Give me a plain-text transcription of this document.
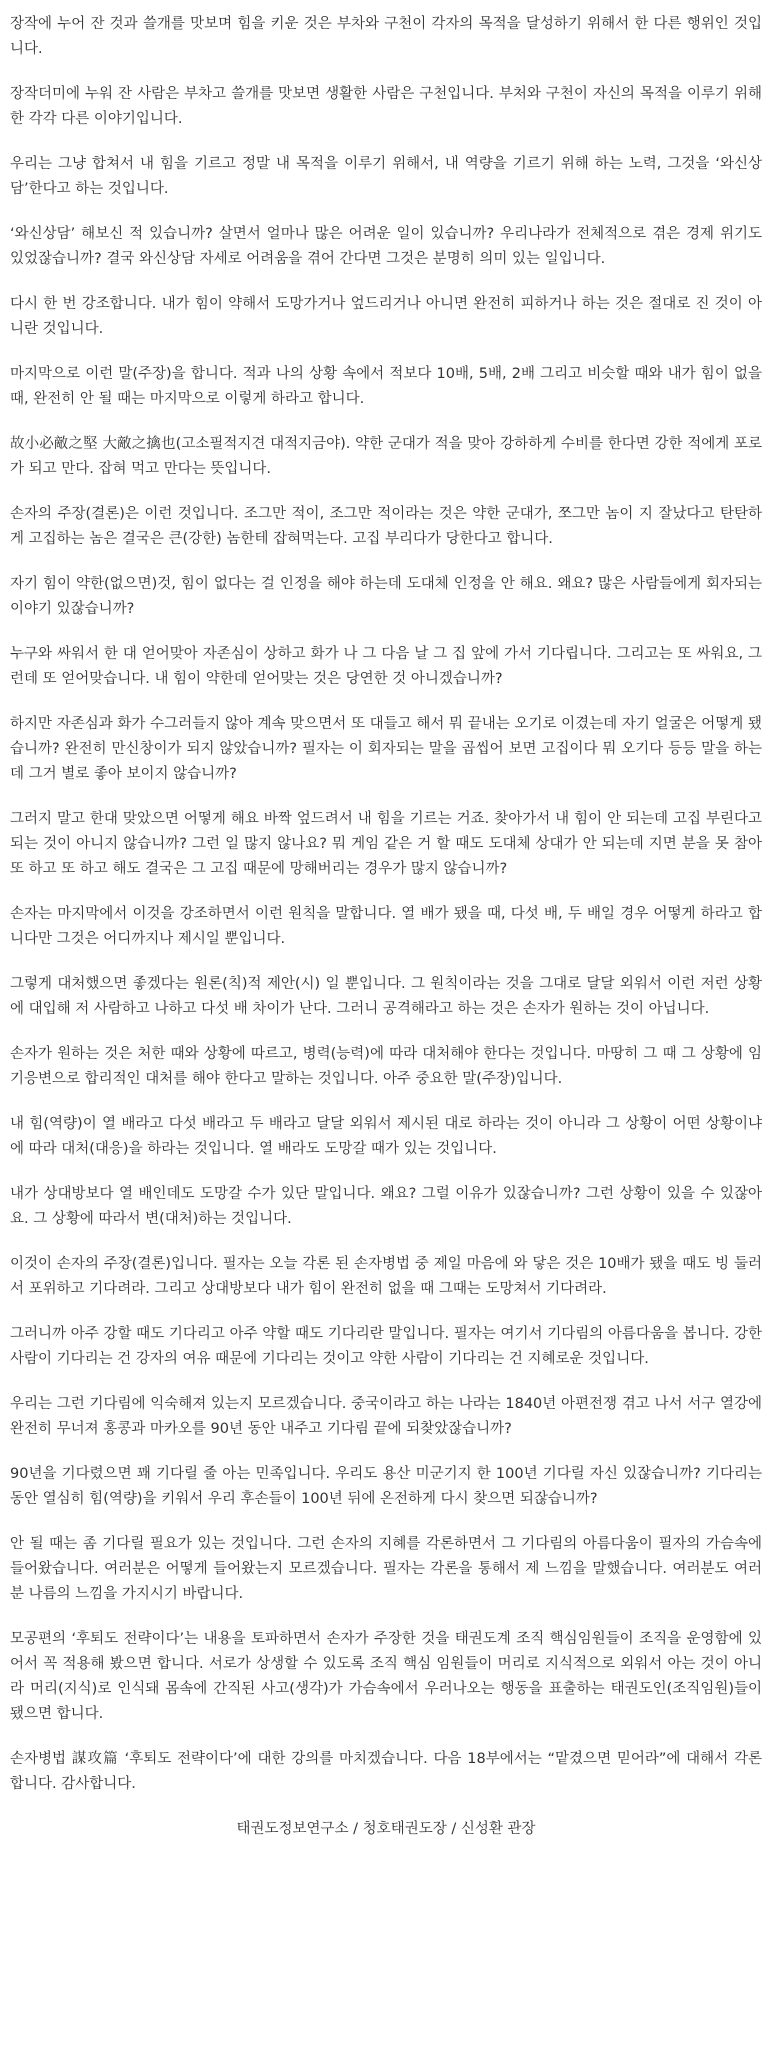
장작에 누어 잔 것과 쓸개를 맛보며 힘을 키운 것은 부차와 구천이 각자의 목적을 달성하기 위해서 한 다른 행위인 것입니다.

장작더미에 누워 잔 사람은 부차고 쓸개를 맛보면 생활한 사람은 구천입니다. 부처와 구천이 자신의 목적을 이루기 위해 한 각각 다른 이야기입니다.

우리는 그냥 합쳐서 내 힘을 기르고 정말 내 목적을 이루기 위해서, 내 역량을 기르기 위해 하는 노력, 그것을 ‘와신상담’한다고 하는 것입니다.

‘와신상담’ 해보신 적 있습니까? 살면서 얼마나 많은 어려운 일이 있습니까? 우리나라가 전체적으로 겪은 경제 위기도 있었잖습니까? 결국 와신상담 자세로 어려움을 겪어 간다면 그것은 분명히 의미 있는 일입니다.

다시 한 번 강조합니다. 내가 힘이 약해서 도망가거나 엎드리거나 아니면 완전히 피하거나 하는 것은 절대로 진 것이 아니란 것입니다.

마지막으로 이런 말(주장)을 합니다. 적과 나의 상황 속에서 적보다 10배, 5배, 2배 그리고 비슷할 때와 내가 힘이 없을 때, 완전히 안 될 때는 마지막으로 이렇게 하라고 합니다.

故小必敵之堅 大敵之擒也(고소필적지견 대적지금야). 약한 군대가 적을 맞아 강하하게 수비를 한다면 강한 적에게 포로가 되고 만다. 잡혀 먹고 만다는 뜻입니다.

손자의 주장(결론)은 이런 것입니다. 조그만 적이, 조그만 적이라는 것은 약한 군대가, 쪼그만 놈이 지 잘났다고 탄탄하게 고집하는 놈은 결국은 큰(강한) 놈한테 잡혀먹는다. 고집 부리다가 당한다고 합니다.

자기 힘이 약한(없으면)것, 힘이 없다는 걸 인정을 해야 하는데 도대체 인정을 안 해요. 왜요? 많은 사람들에게 회자되는 이야기 있잖습니까?

누구와 싸워서 한 대 얻어맞아 자존심이 상하고 화가 나 그 다음 날 그 집 앞에 가서 기다립니다. 그리고는 또 싸워요, 그런데 또 얻어맞습니다. 내 힘이 약한데 얻어맞는 것은 당연한 것 아니겠습니까?

하지만 자존심과 화가 수그러들지 않아 계속 맞으면서 또 대들고 해서 뭐 끝내는 오기로 이겼는데 자기 얼굴은 어떻게 됐습니까? 완전히 만신창이가 되지 않았습니까? 필자는 이 회자되는 말을 곱씹어 보면 고집이다 뭐 오기다 등등 말을 하는데 그거 별로 좋아 보이지 않습니까?

그러지 말고 한대 맞았으면 어떻게 해요 바짝 엎드려서 내 힘을 기르는 거죠. 찾아가서 내 힘이 안 되는데 고집 부린다고 되는 것이 아니지 않습니까? 그런 일 많지 않나요? 뭐 게임 같은 거 할 때도 도대체 상대가 안 되는데 지면 분을 못 참아 또 하고 또 하고 해도 결국은 그 고집 때문에 망해버리는 경우가 많지 않습니까?

손자는 마지막에서 이것을 강조하면서 이런 원칙을 말합니다. 열 배가 됐을 때, 다섯 배, 두 배일 경우 어떻게 하라고 합니다만 그것은 어디까지나 제시일 뿐입니다.

그렇게 대처했으면 좋겠다는 원론(칙)적 제안(시) 일 뿐입니다. 그 원칙이라는 것을 그대로 달달 외워서 이런 저런 상황에 대입해 저 사람하고 나하고 다섯 배 차이가 난다. 그러니 공격해라고 하는 것은 손자가 원하는 것이 아닙니다.

손자가 원하는 것은 처한 때와 상황에 따르고, 병력(능력)에 따라 대처해야 한다는 것입니다. 마땅히 그 때 그 상황에 임기응변으로 합리적인 대처를 해야 한다고 말하는 것입니다. 아주 중요한 말(주장)입니다.

내 힘(역량)이 열 배라고 다섯 배라고 두 배라고 달달 외워서 제시된 대로 하라는 것이 아니라 그 상황이 어떤 상황이냐에 따라 대처(대응)을 하라는 것입니다. 열 배라도 도망갈 때가 있는 것입니다.

내가 상대방보다 열 배인데도 도망갈 수가 있단 말입니다. 왜요? 그럴 이유가 있잖습니까? 그런 상황이 있을 수 있잖아요. 그 상황에 따라서 변(대처)하는 것입니다.

이것이 손자의 주장(결론)입니다. 필자는 오늘 각론 된 손자병법 중 제일 마음에 와 닿은 것은 10배가 됐을 때도 빙 둘러서 포위하고 기다려라. 그리고 상대방보다 내가 힘이 완전히 없을 때 그때는 도망쳐서 기다려라.

그러니까 아주 강할 때도 기다리고 아주 약할 때도 기다리란 말입니다. 필자는 여기서 기다림의 아름다움을 봅니다. 강한 사람이 기다리는 건 강자의 여유 때문에 기다리는 것이고 약한 사람이 기다리는 건 지혜로운 것입니다.

우리는 그런 기다림에 익숙해져 있는지 모르겠습니다. 중국이라고 하는 나라는 1840년 아편전쟁 겪고 나서 서구 열강에 완전히 무너져 홍콩과 마카오를 90년 동안 내주고 기다림 끝에 되찾았잖습니까?

90년을 기다렸으면 꽤 기다릴 줄 아는 민족입니다. 우리도 용산 미군기지 한 100년 기다릴 자신 있잖습니까? 기다리는 동안 열심히 힘(역량)을 키워서 우리 후손들이 100년 뒤에 온전하게 다시 찾으면 되잖습니까?

안 될 때는 좀 기다릴 필요가 있는 것입니다. 그런 손자의 지혜를 각론하면서 그 기다림의 아름다움이 필자의 가슴속에 들어왔습니다. 여러분은 어떻게 들어왔는지 모르겠습니다. 필자는 각론을 통해서 제 느낌을 말했습니다. 여러분도 여러분 나름의 느낌을 가지시기 바랍니다.

모공편의 ‘후퇴도 전략이다’는 내용을 토파하면서 손자가 주장한 것을 태권도계 조직 핵심임원들이 조직을 운영함에 있어서 꼭 적용해 봤으면 합니다. 서로가 상생할 수 있도록 조직 핵심 임원들이 머리로 지식적으로 외워서 아는 것이 아니라 머리(지식)로 인식돼 몸속에 간직된 사고(생각)가 가슴속에서 우러나오는 행동을 표출하는 태권도인(조직임원)들이 됐으면 합니다.

손자병법 謀攻篇 ‘후퇴도 전략이다’에 대한 강의를 마치겠습니다. 다음 18부에서는 “맡겼으면 믿어라”에 대해서 각론 합니다. 감사합니다.

태권도정보연구소 / 청호태권도장 / 신성환 관장
